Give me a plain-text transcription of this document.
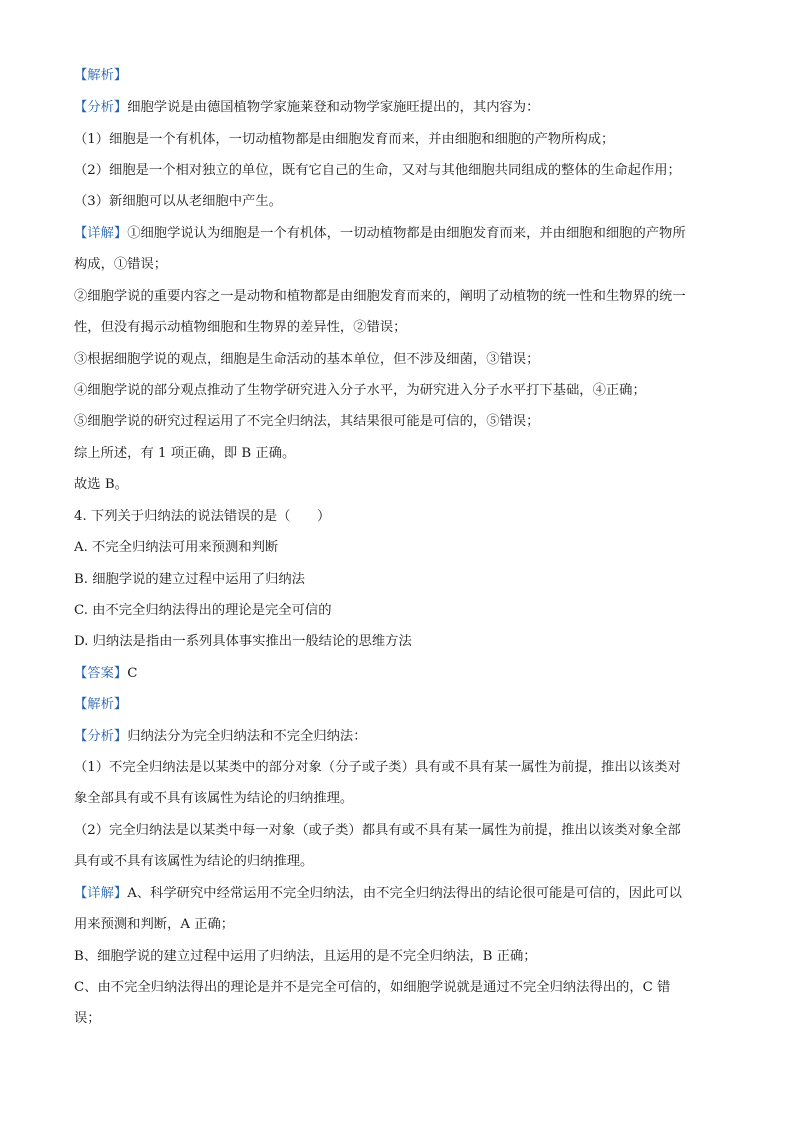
【解析】
【分析】细胞学说是由德国植物学家施莱登和动物学家施旺提出的，其内容为：
（1）细胞是一个有机体，一切动植物都是由细胞发育而来，并由细胞和细胞的产物所构成；
（2）细胞是一个相对独立的单位，既有它自己的生命，又对与其他细胞共同组成的整体的生命起作用；
（3）新细胞可以从老细胞中产生。
【详解】①细胞学说认为细胞是一个有机体，一切动植物都是由细胞发育而来，并由细胞和细胞的产物所
构成，①错误；
②细胞学说的重要内容之一是动物和植物都是由细胞发育而来的，阐明了动植物的统一性和生物界的统一
性，但没有揭示动植物细胞和生物界的差异性，②错误；
③根据细胞学说的观点，细胞是生命活动的基本单位，但不涉及细菌，③错误；
④细胞学说的部分观点推动了生物学研究进入分子水平，为研究进入分子水平打下基础，④正确；
⑤细胞学说的研究过程运用了不完全归纳法，其结果很可能是可信的，⑤错误；
综上所述，有 1 项正确，即 B 正确。
故选 B。
4. 下列关于归纳法的说法错误的是（　　）
A. 不完全归纳法可用来预测和判断
B. 细胞学说的建立过程中运用了归纳法
C. 由不完全归纳法得出的理论是完全可信的
D. 归纳法是指由一系列具体事实推出一般结论的思维方法
【答案】C
【解析】
【分析】归纳法分为完全归纳法和不完全归纳法：
（1）不完全归纳法是以某类中的部分对象（分子或子类）具有或不具有某一属性为前提，推出以该类对
象全部具有或不具有该属性为结论的归纳推理。
（2）完全归纳法是以某类中每一对象（或子类）都具有或不具有某一属性为前提，推出以该类对象全部
具有或不具有该属性为结论的归纳推理。
【详解】A、科学研究中经常运用不完全归纳法，由不完全归纳法得出的结论很可能是可信的，因此可以
用来预测和判断，A 正确；
B、细胞学说的建立过程中运用了归纳法，且运用的是不完全归纳法，B 正确；
C、由不完全归纳法得出的理论是并不是完全可信的，如细胞学说就是通过不完全归纳法得出的，C 错
误；
